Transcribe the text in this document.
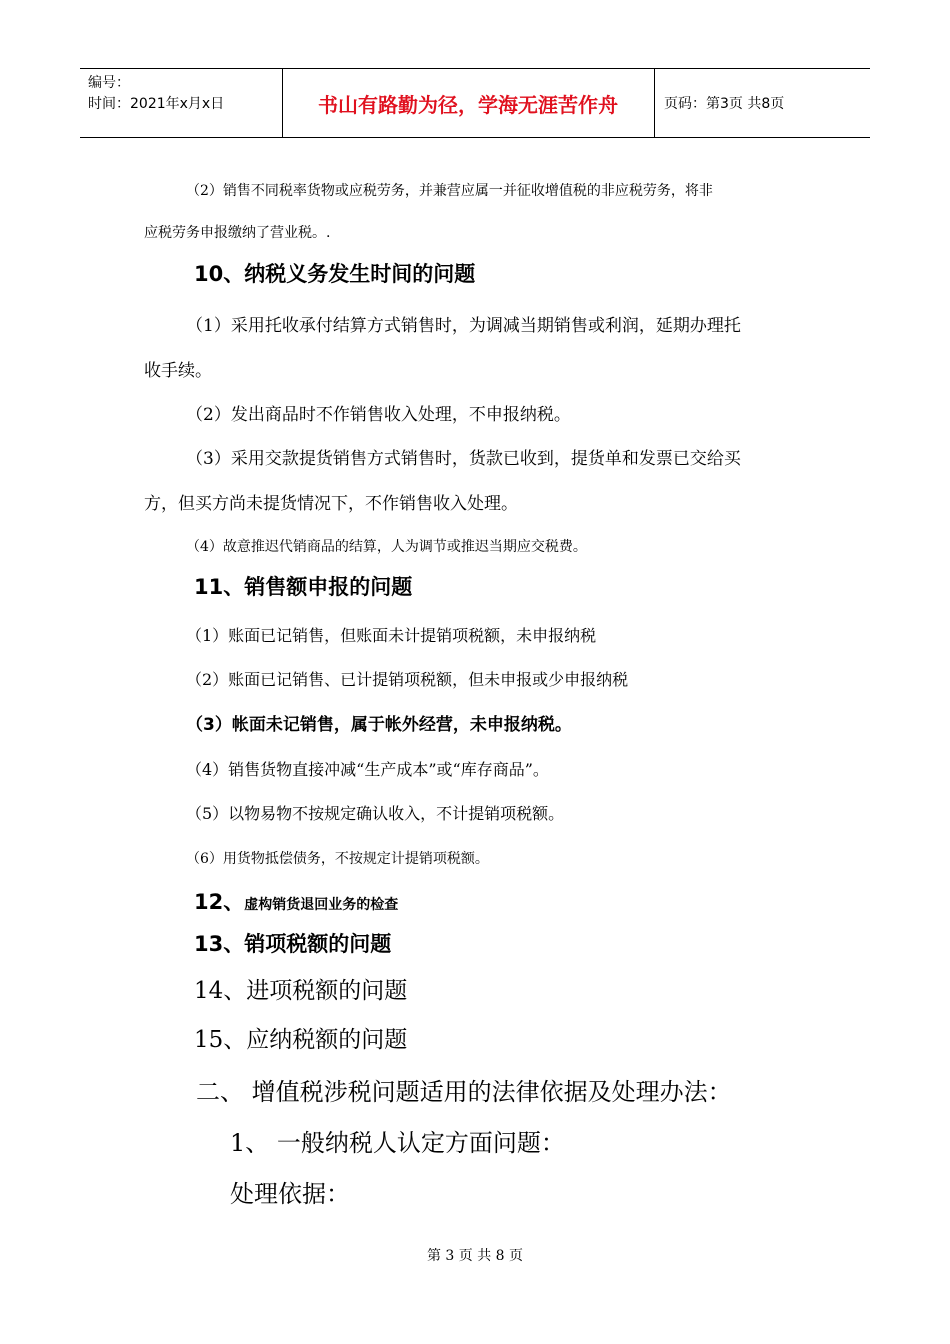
编号：
时间：2021年x月x日	书山有路勤为径，学海无涯苦作舟	页码：第3页 共8页
（2）销售不同税率货物或应税劳务，并兼营应属一并征收增值税的非应税劳务，将非
应税劳务申报缴纳了营业税。.
10、纳税义务发生时间的问题
（1）采用托收承付结算方式销售时，为调减当期销售或利润，延期办理托
收手续。
（2）发出商品时不作销售收入处理，不申报纳税。
（3）采用交款提货销售方式销售时，货款已收到，提货单和发票已交给买
方，但买方尚未提货情况下，不作销售收入处理。
（4）故意推迟代销商品的结算，人为调节或推迟当期应交税费。
11、销售额申报的问题
（1）账面已记销售，但账面未计提销项税额，未申报纳税
（2）账面已记销售、已计提销项税额，但未申报或少申报纳税
（3）帐面未记销售，属于帐外经营，未申报纳税。
（4）销售货物直接冲减“生产成本”或“库存商品”。
（5）以物易物不按规定确认收入，不计提销项税额。
（6）用货物抵偿债务，不按规定计提销项税额。
12、虚构销货退回业务的检查
13、销项税额的问题
14、进项税额的问题
15、应纳税额的问题
二、 增值税涉税问题适用的法律依据及处理办法：
1、 一般纳税人认定方面问题：
处理依据：
第 3 页 共 8 页
